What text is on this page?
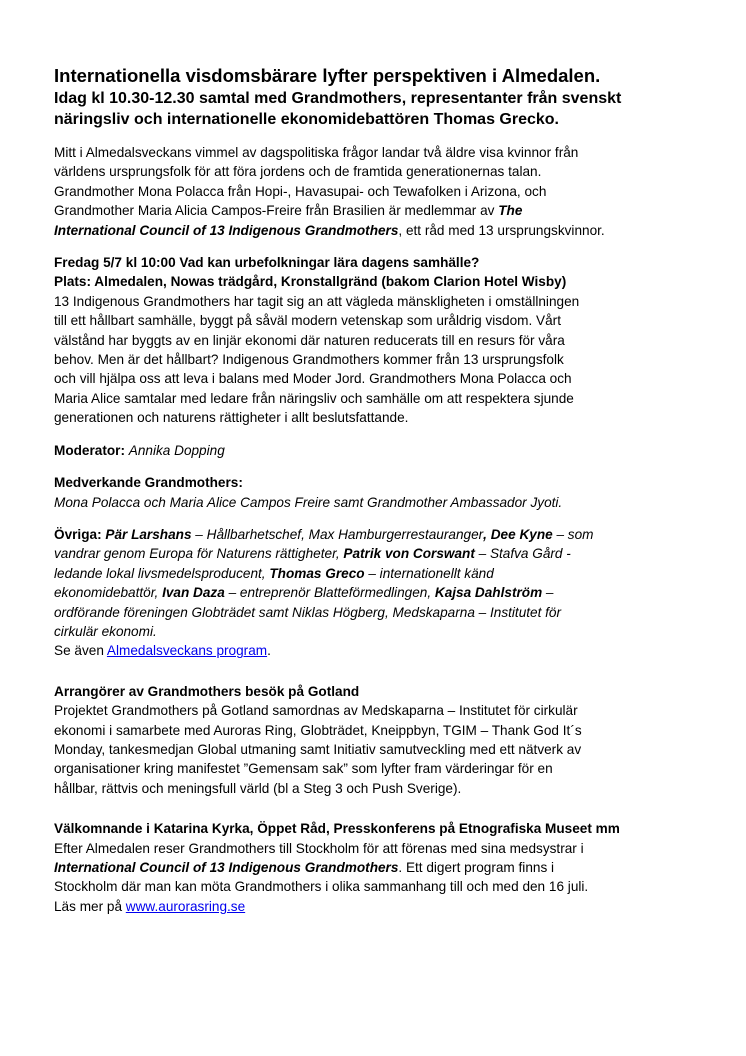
Internationella visdomsbärare lyfter perspektiven i Almedalen.
Idag kl 10.30-12.30 samtal med Grandmothers, representanter från svenskt
näringsliv och internationelle ekonomidebattören Thomas Grecko.

Mitt i Almedalsveckans vimmel av dagspolitiska frågor landar två äldre visa kvinnor från
världens ursprungsfolk för att föra jordens och de framtida generationernas talan.
Grandmother Mona Polacca från Hopi-, Havasupai- och Tewafolken i Arizona, och
Grandmother Maria Alicia Campos-Freire från Brasilien är medlemmar av The
International Council of 13 Indigenous Grandmothers, ett råd med 13 ursprungskvinnor.

Fredag 5/7 kl 10:00 Vad kan urbefolkningar lära dagens samhälle?
Plats: Almedalen, Nowas trädgård, Kronstallgränd (bakom Clarion Hotel Wisby)
13 Indigenous Grandmothers har tagit sig an att vägleda mänskligheten i omställningen
till ett hållbart samhälle, byggt på såväl modern vetenskap som uråldrig visdom. Vårt
välstånd har byggts av en linjär ekonomi där naturen reducerats till en resurs för våra
behov. Men är det hållbart? Indigenous Grandmothers kommer från 13 ursprungsfolk
och vill hjälpa oss att leva i balans med Moder Jord. Grandmothers Mona Polacca och
Maria Alice samtalar med ledare från näringsliv och samhälle om att respektera sjunde
generationen och naturens rättigheter i allt beslutsfattande.

Moderator: Annika Dopping

Medverkande Grandmothers:
Mona Polacca och Maria Alice Campos Freire samt Grandmother Ambassador Jyoti.

Övriga: Pär Larshans – Hållbarhetschef, Max Hamburgerrestauranger, Dee Kyne – som
vandrar genom Europa för Naturens rättigheter, Patrik von Corswant – Stafva Gård -
ledande lokal livsmedelsproducent, Thomas Greco – internationellt känd
ekonomidebattör, Ivan Daza – entreprenör Blatteförmedlingen, Kajsa Dahlström –
ordförande föreningen Globträdet samt Niklas Högberg, Medskaparna – Institutet för
cirkulär ekonomi.
Se även Almedalsveckans program.

Arrangörer av Grandmothers besök på Gotland
Projektet Grandmothers på Gotland samordnas av Medskaparna – Institutet för cirkulär
ekonomi i samarbete med Auroras Ring, Globträdet, Kneippbyn, TGIM – Thank God It´s
Monday, tankesmedjan Global utmaning samt Initiativ samutveckling med ett nätverk av
organisationer kring manifestet ”Gemensam sak” som lyfter fram värderingar för en
hållbar, rättvis och meningsfull värld (bl a Steg 3 och Push Sverige).

Välkomnande i Katarina Kyrka, Öppet Råd, Presskonferens på Etnografiska Museet mm
Efter Almedalen reser Grandmothers till Stockholm för att förenas med sina medsystrar i
International Council of 13 Indigenous Grandmothers. Ett digert program finns i
Stockholm där man kan möta Grandmothers i olika sammanhang till och med den 16 juli.
Läs mer på www.aurorasring.se
